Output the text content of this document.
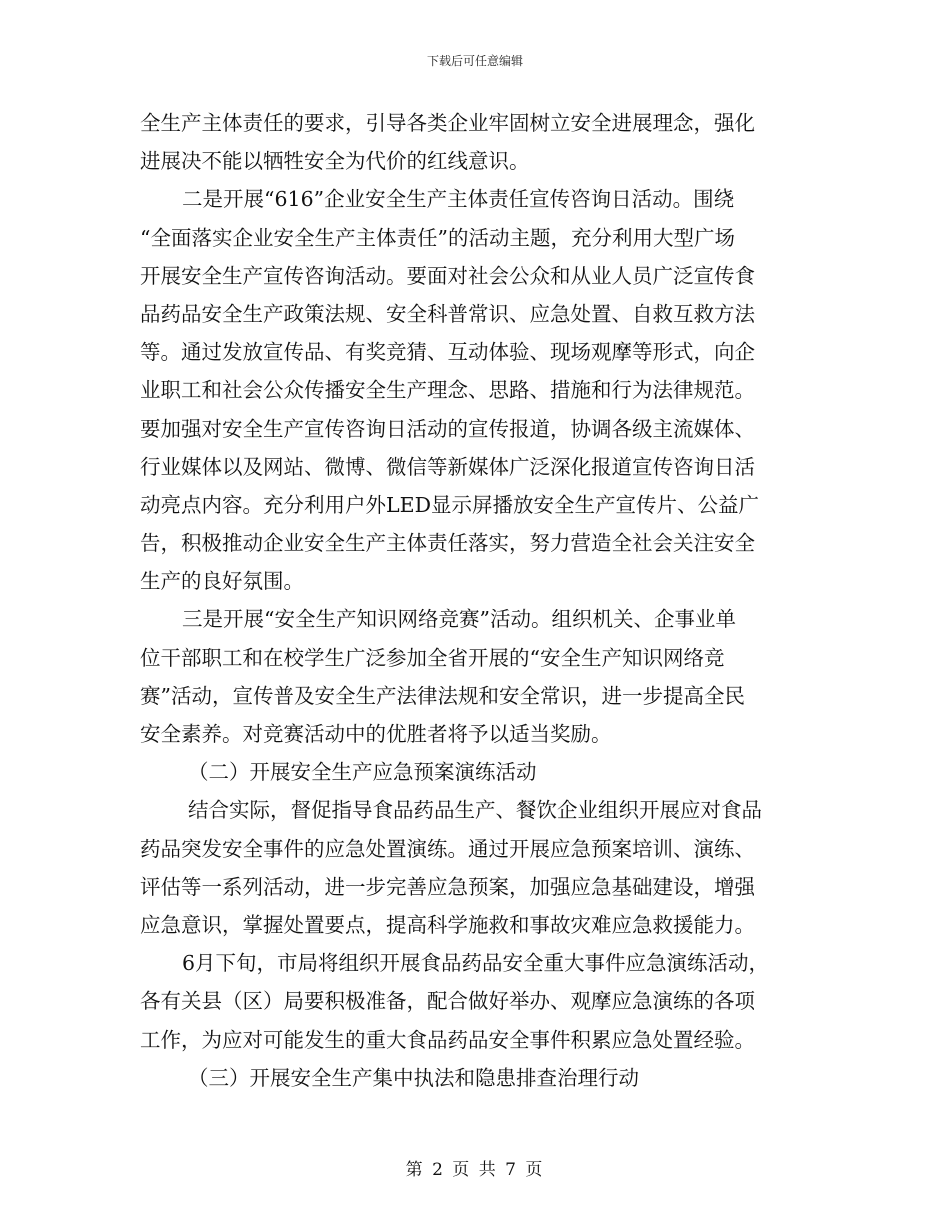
下载后可任意编辑
全生产主体责任的要求，引导各类企业牢固树立安全进展理念，强化
进展决不能以牺牲安全为代价的红线意识。
二是开展“616”企业安全生产主体责任宣传咨询日活动。围绕
“全面落实企业安全生产主体责任”的活动主题，充分利用大型广场
开展安全生产宣传咨询活动。要面对社会公众和从业人员广泛宣传食
品药品安全生产政策法规、安全科普常识、应急处置、自救互救方法
等。通过发放宣传品、有奖竞猜、互动体验、现场观摩等形式，向企
业职工和社会公众传播安全生产理念、思路、措施和行为法律规范。
要加强对安全生产宣传咨询日活动的宣传报道，协调各级主流媒体、
行业媒体以及网站、微博、微信等新媒体广泛深化报道宣传咨询日活
动亮点内容。充分利用户外LED显示屏播放安全生产宣传片、公益广
告，积极推动企业安全生产主体责任落实，努力营造全社会关注安全
生产的良好氛围。
三是开展“安全生产知识网络竞赛”活动。组织机关、企事业单
位干部职工和在校学生广泛参加全省开展的“安全生产知识网络竞
赛”活动，宣传普及安全生产法律法规和安全常识，进一步提高全民
安全素养。对竞赛活动中的优胜者将予以适当奖励。
（二）开展安全生产应急预案演练活动
结合实际，督促指导食品药品生产、餐饮企业组织开展应对食品
药品突发安全事件的应急处置演练。通过开展应急预案培训、演练、
评估等一系列活动，进一步完善应急预案，加强应急基础建设，增强
应急意识，掌握处置要点，提高科学施救和事故灾难应急救援能力。
6月下旬，市局将组织开展食品药品安全重大事件应急演练活动，
各有关县（区）局要积极准备，配合做好举办、观摩应急演练的各项
工作，为应对可能发生的重大食品药品安全事件积累应急处置经验。
（三）开展安全生产集中执法和隐患排查治理行动
第 2 页 共 7 页
